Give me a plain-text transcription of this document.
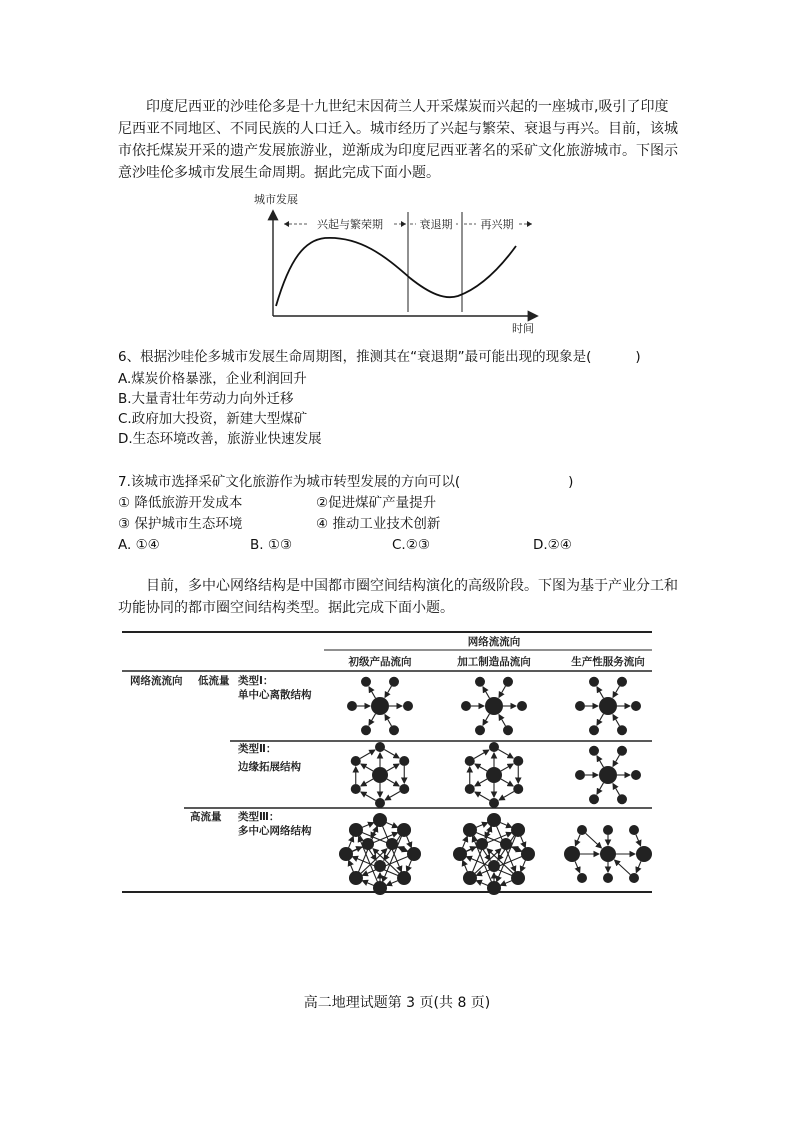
印度尼西亚的沙哇伦多是十九世纪末因荷兰人开采煤炭而兴起的一座城市,吸引了印度尼西亚不同地区、不同民族的人口迁入。城市经历了兴起与繁荣、衰退与再兴。目前，该城市依托煤炭开采的遗产发展旅游业，逆渐成为印度尼西亚著名的采矿文化旅游城市。下图示意沙哇伦多城市发展生命周期。据此完成下面小题。

城市发展
时间
兴起与繁荣期	衰退期	再兴期
6、根据沙哇伦多城市发展生命周期图，推测其在“衰退期”最可能出现的现象是(	)
A.煤炭价格暴涨，企业利润回升
B.大量青壮年劳动力向外迁移
C.政府加大投资，新建大型煤矿
D.生态环境改善，旅游业快速发展
7.该城市选择采矿文化旅游作为城市转型发展的方向可以(	)
① 降低旅游开发成本	②促进煤矿产量提升
③ 保护城市生态环境	④ 推动工业技术创新
A. ①④	B. ①③	C.②③	D.②④

目前，多中心网络结构是中国都市圈空间结构演化的高级阶段。下图为基于产业分工和功能协同的都市圈空间结构类型。据此完成下面小题。

网络流流向
初级产品流向	加工制造品流向	生产性服务流向
网络流流向 低流量 类型Ⅰ：
单中心离散结构
类型Ⅱ：
边缘拓展结构
高流量 类型Ⅲ：
多中心网络结构
高二地理试题第 3 页(共 8 页)
